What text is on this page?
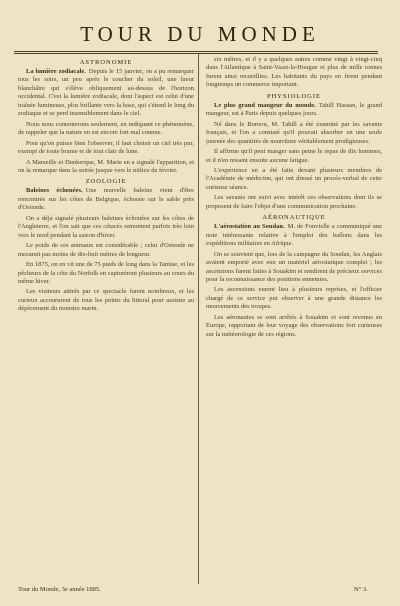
TOUR DU MONDE
ASTRONOMIE

La lumière zodiacale. Depuis le 15 janvier, on a pu remarquer tous les soirs, un peu après le coucher du soleil, une lueur blanchâtre qui s'élève obliquement au-dessus de l'horizon occidental. C'est la lumière zodiacale, dont l'aspect est celui d'une traînée lumineuse, plus brillante vers la base, qui s'étend le long du zodiaque et se perd insensiblement dans le ciel.

Nous nous contenterons seulement, en indiquant ce phénomène, de rappeler que la nature en est encore fort mal connue.

Pour qu'on puisse bien l'observer, il faut choisir un ciel très pur, exempt de toute brume et de tout clair de lune.

A Marseille et Dunkerque, M. Marie en a signalé l'apparition, et on la remarque dans la soirée jusque vers le milieu de février.

ZOOLOGIE

Baleines échouées. Une nouvelle baleine vient d'être rencontrée sur les côtes de Belgique, échouée sur le sable près d'Ostende.

On a déjà signalé plusieurs baleines échouées sur les côtes de l'Angleterre, et l'on sait que ces cétacés remontent parfois très loin vers le nord pendant la saison d'hiver.

Le poids de ces animaux est considérable ; celui d'Ostende ne mesurait pas moins de dix-huit mètres de longueur.

En 1875, on en vit une de 75 pieds de long dans la Tamise, et les pêcheurs de la côte du Norfolk en capturèrent plusieurs au cours du même hiver.

Les visiteurs attirés par ce spectacle furent nombreux, et les curieux accoururent de tous les points du littoral pour assister au dépècement du monstre marin.

six mètres, et il y a quelques autres comme vingt à vingt-cinq dans l'Atlantique à Saint-Vaast-la-Hougue et plus de mille tonnes furent ainsi recueillies. Les habitants du pays en firent pendant longtemps un commerce important.

PHYSIOLOGIE

Le plus grand mangeur du monde. Tahill Hassan, le grand mangeur, est à Paris depuis quelques jours.

Né dans le Bornou, M. Tahill a été examiné par les savants français, et l'on a constaté qu'il pouvait absorber en une seule journée des quantités de nourriture véritablement prodigieuses.

Il affirme qu'il peut manger sans peine le repas de dix hommes, et il n'en ressent ensuite aucune fatigue.

L'expérience en a été faite devant plusieurs membres de l'Académie de médecine, qui ont dressé un procès-verbal de cette curieuse séance.

Les savants ont suivi avec intérêt ces observations dont ils se proposent de faire l'objet d'une communication prochaine.

AÉRONAUTIQUE

L'aérostation au Soudan. M. de Fonvielle a communiqué une note intéressante relative à l'emploi des ballons dans les expéditions militaires en Afrique.

On se souvient que, lors de la campagne du Soudan, les Anglais avaient emporté avec eux un matériel aérostatique complet ; les ascensions furent faites à Souakim et rendirent de précieux services pour la reconnaissance des positions ennemies.

Les ascensions eurent lieu à plusieurs reprises, et l'officier chargé de ce service put observer à une grande distance les mouvements des troupes.

Les aéronautes se sont arrêtés à Souakim et sont revenus en Europe, rapportant de leur voyage des observations fort curieuses sur la météorologie de ces régions.

Tour du Monde, 3e année 1885.	N° 3.
